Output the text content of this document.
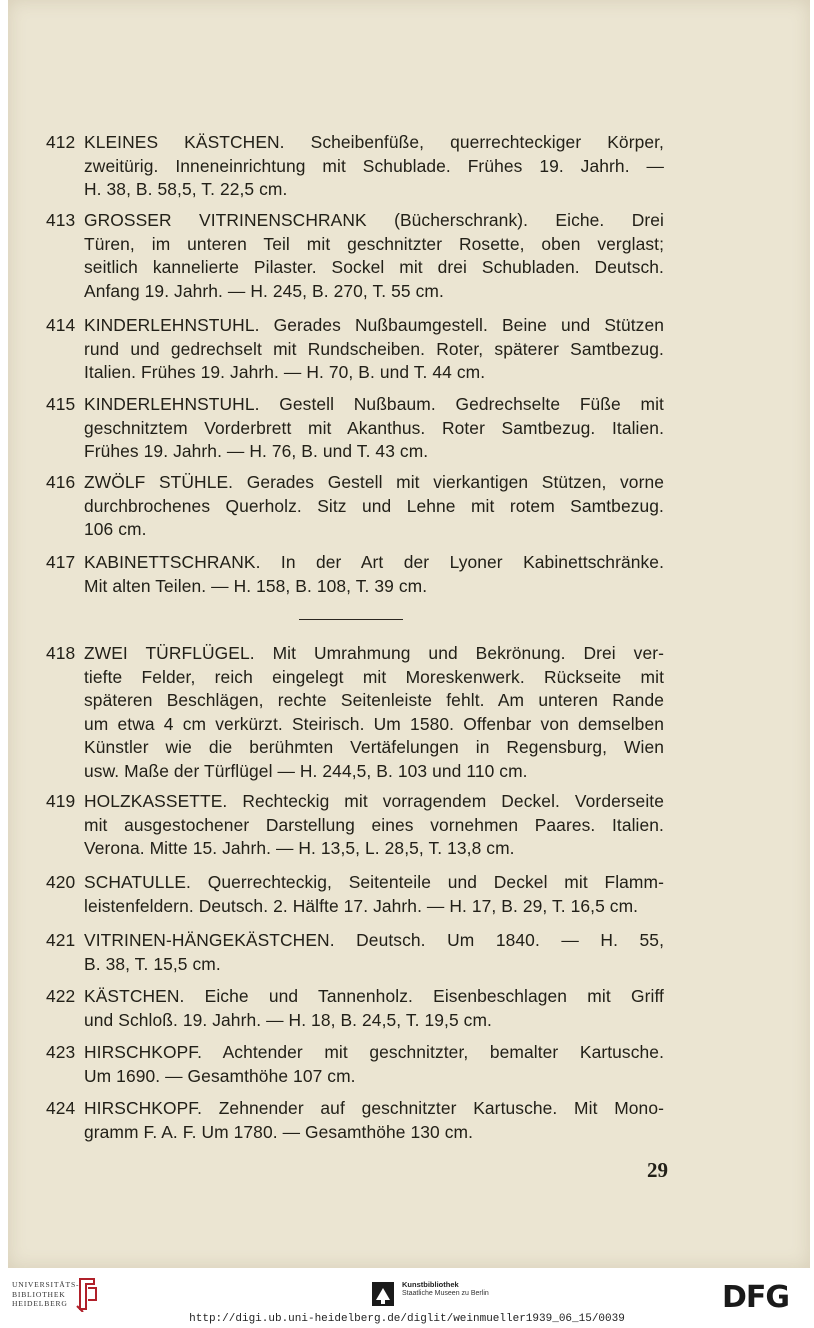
412 KLEINES KÄSTCHEN. Scheibenfüße, querrechteckiger Körper,
zweitürig. Inneneinrichtung mit Schublade. Frühes 19. Jahrh. —
H. 38, B. 58,5, T. 22,5 cm.
413 GROSSER VITRINENSCHRANK (Bücherschrank). Eiche. Drei
Türen, im unteren Teil mit geschnitzter Rosette, oben verglast;
seitlich kannelierte Pilaster. Sockel mit drei Schubladen. Deutsch.
Anfang 19. Jahrh. — H. 245, B. 270, T. 55 cm.
414 KINDERLEHNSTUHL. Gerades Nußbaumgestell. Beine und Stützen
rund und gedrechselt mit Rundscheiben. Roter, späterer Samtbezug.
Italien. Frühes 19. Jahrh. — H. 70, B. und T. 44 cm.
415 KINDERLEHNSTUHL. Gestell Nußbaum. Gedrechselte Füße mit
geschnitztem Vorderbrett mit Akanthus. Roter Samtbezug. Italien.
Frühes 19. Jahrh. — H. 76, B. und T. 43 cm.
416 ZWÖLF STÜHLE. Gerades Gestell mit vierkantigen Stützen, vorne
durchbrochenes Querholz. Sitz und Lehne mit rotem Samtbezug.
106 cm.
417 KABINETTSCHRANK. In der Art der Lyoner Kabinettschränke.
Mit alten Teilen. — H. 158, B. 108, T. 39 cm.
418 ZWEI TÜRFLÜGEL. Mit Umrahmung und Bekrönung. Drei ver-
tiefte Felder, reich eingelegt mit Moreskenwerk. Rückseite mit
späteren Beschlägen, rechte Seitenleiste fehlt. Am unteren Rande
um etwa 4 cm verkürzt. Steirisch. Um 1580. Offenbar von demselben
Künstler wie die berühmten Vertäfelungen in Regensburg, Wien
usw. Maße der Türflügel — H. 244,5, B. 103 und 110 cm.
419 HOLZKASSETTE. Rechteckig mit vorragendem Deckel. Vorderseite
mit ausgestochener Darstellung eines vornehmen Paares. Italien.
Verona. Mitte 15. Jahrh. — H. 13,5, L. 28,5, T. 13,8 cm.
420 SCHATULLE. Querrechteckig, Seitenteile und Deckel mit Flamm-
leistenfeldern. Deutsch. 2. Hälfte 17. Jahrh. — H. 17, B. 29, T. 16,5 cm.
421 VITRINEN-HÄNGEKÄSTCHEN. Deutsch. Um 1840. — H. 55,
B. 38, T. 15,5 cm.
422 KÄSTCHEN. Eiche und Tannenholz. Eisenbeschlagen mit Griff
und Schloß. 19. Jahrh. — H. 18, B. 24,5, T. 19,5 cm.
423 HIRSCHKOPF. Achtender mit geschnitzter, bemalter Kartusche.
Um 1690. — Gesamthöhe 107 cm.
424 HIRSCHKOPF. Zehnender auf geschnitzter Kartusche. Mit Mono-
gramm F. A. F. Um 1780. — Gesamthöhe 130 cm.
29
UNIVERSITÄTS-
BIBLIOTHEK
HEIDELBERG
Kunstbibliothek
Staatliche Museen zu Berlin	DFG
http://digi.ub.uni-heidelberg.de/diglit/weinmueller1939_06_15/0039
